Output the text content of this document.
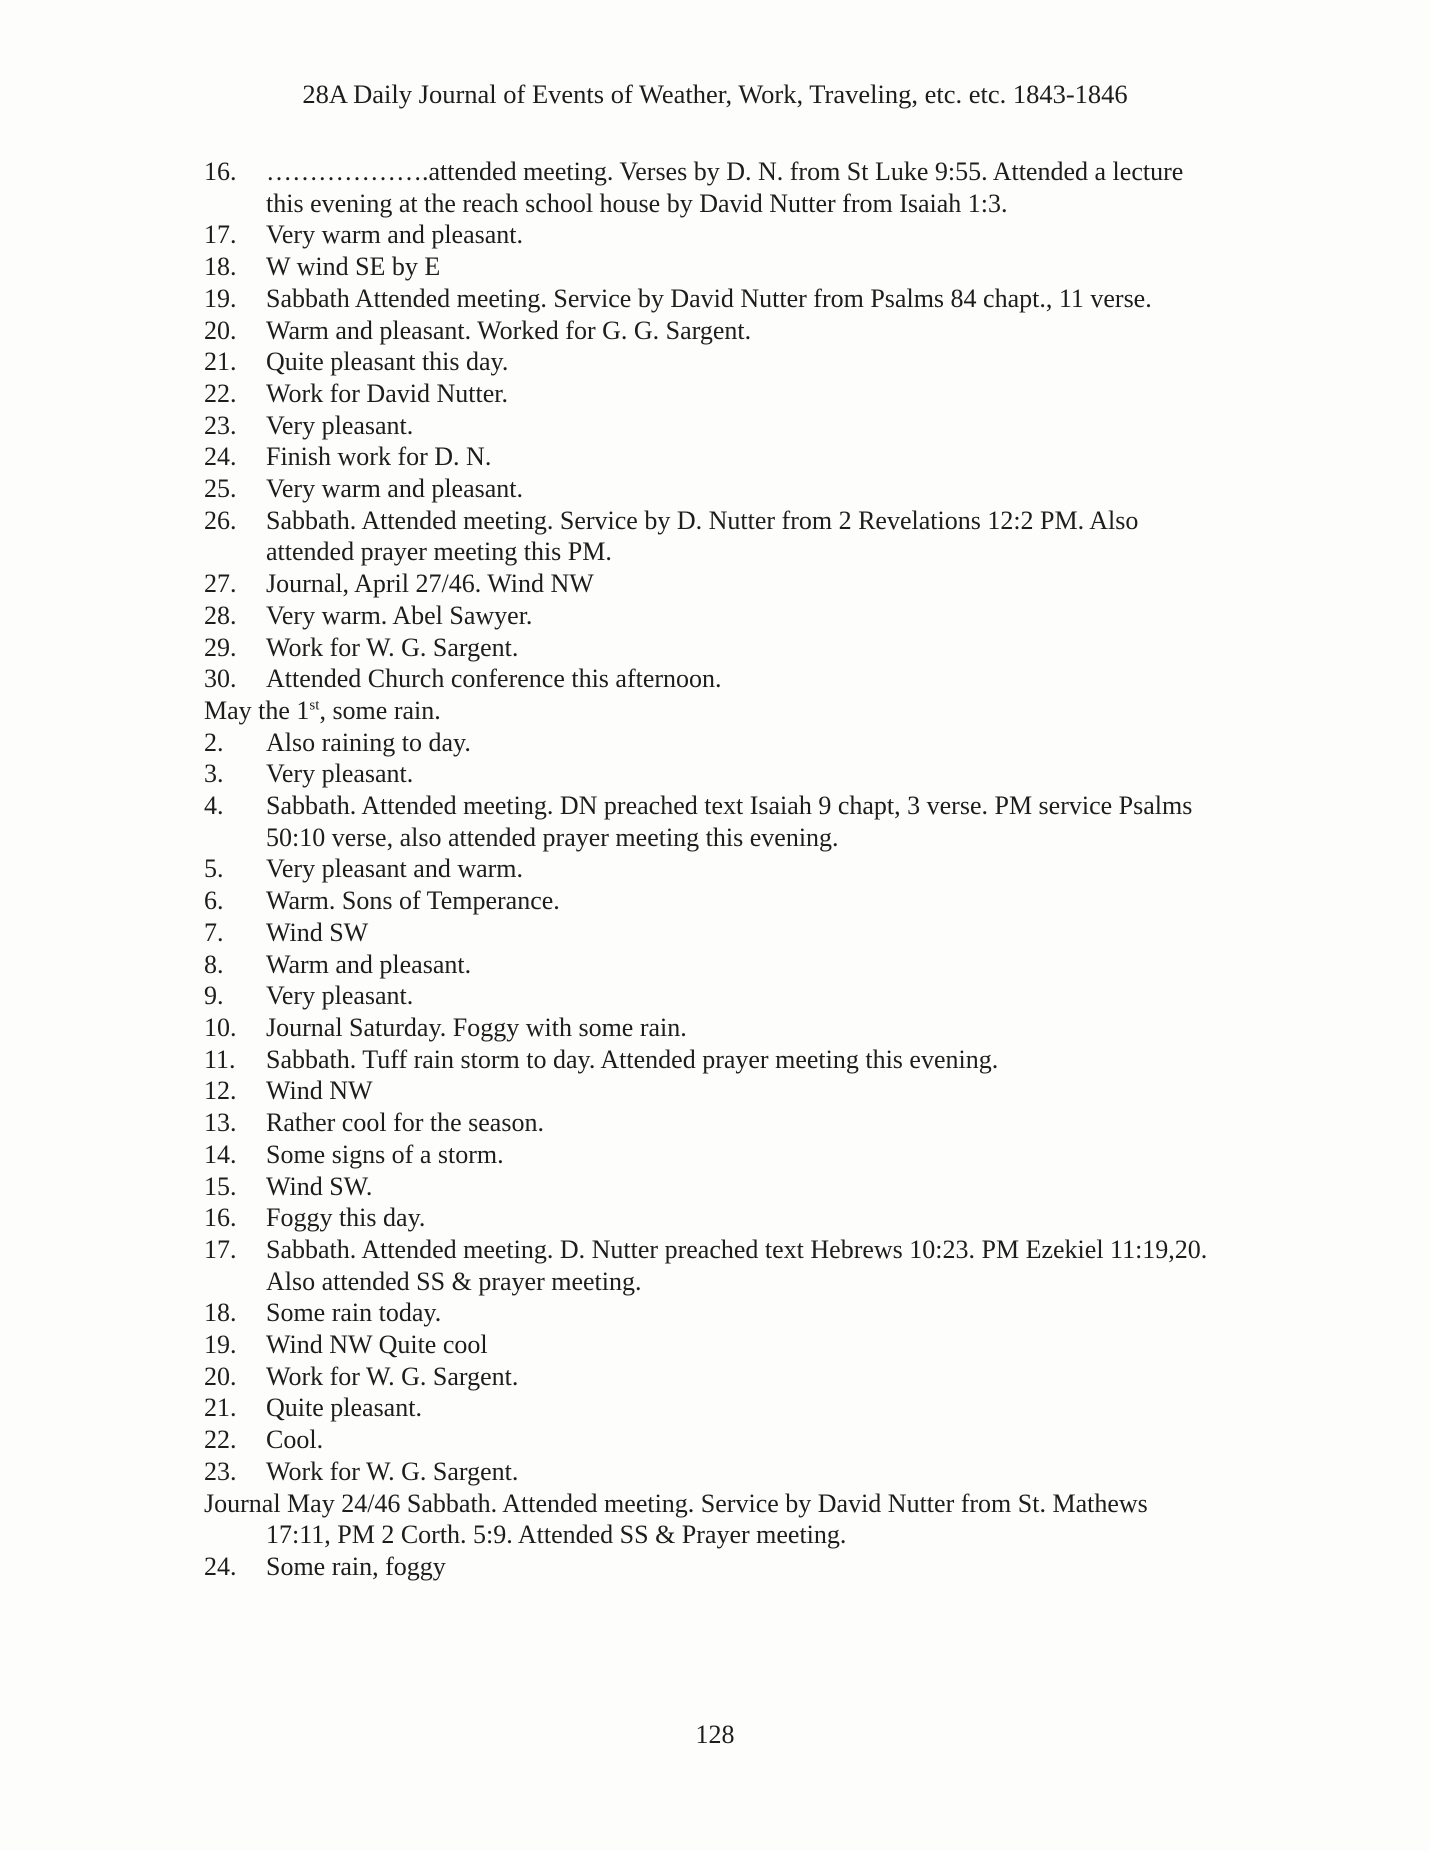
28A Daily Journal of Events of Weather, Work, Traveling, etc. etc. 1843-1846
16.	……………….attended meeting. Verses by D. N. from St Luke 9:55. Attended a lecture this evening at the reach school house by David Nutter from Isaiah 1:3.
17.	Very warm and pleasant.
18.	W wind SE by E
19.	Sabbath Attended meeting. Service by David Nutter from Psalms 84 chapt., 11 verse.
20.	Warm and pleasant. Worked for G. G. Sargent.
21.	Quite pleasant this day.
22.	Work for David Nutter.
23.	Very pleasant.
24.	Finish work for D. N.
25.	Very warm and pleasant.
26.	Sabbath. Attended meeting. Service by D. Nutter from 2 Revelations 12:2 PM. Also attended prayer meeting this PM.
27.	Journal, April 27/46. Wind NW
28.	Very warm. Abel Sawyer.
29.	Work for W. G. Sargent.
30.	Attended Church conference this afternoon.
May the 1st, some rain.
2.	Also raining to day.
3.	Very pleasant.
4.	Sabbath. Attended meeting. DN preached text Isaiah 9 chapt, 3 verse. PM service Psalms 50:10 verse, also attended prayer meeting this evening.
5.	Very pleasant and warm.
6.	Warm. Sons of Temperance.
7.	Wind SW
8.	Warm and pleasant.
9.	Very pleasant.
10.	Journal Saturday. Foggy with some rain.
11.	Sabbath. Tuff rain storm to day. Attended prayer meeting this evening.
12.	Wind NW
13.	Rather cool for the season.
14.	Some signs of a storm.
15.	Wind SW.
16.	Foggy this day.
17.	Sabbath. Attended meeting. D. Nutter preached text Hebrews 10:23. PM Ezekiel 11:19,20. Also attended SS & prayer meeting.
18.	Some rain today.
19.	Wind NW Quite cool
20.	Work for W. G. Sargent.
21.	Quite pleasant.
22.	Cool.
23.	Work for W. G. Sargent.
Journal May 24/46 Sabbath. Attended meeting. Service by David Nutter from St. Mathews 17:11, PM 2 Corth. 5:9. Attended SS & Prayer meeting.
24.	Some rain, foggy
128
